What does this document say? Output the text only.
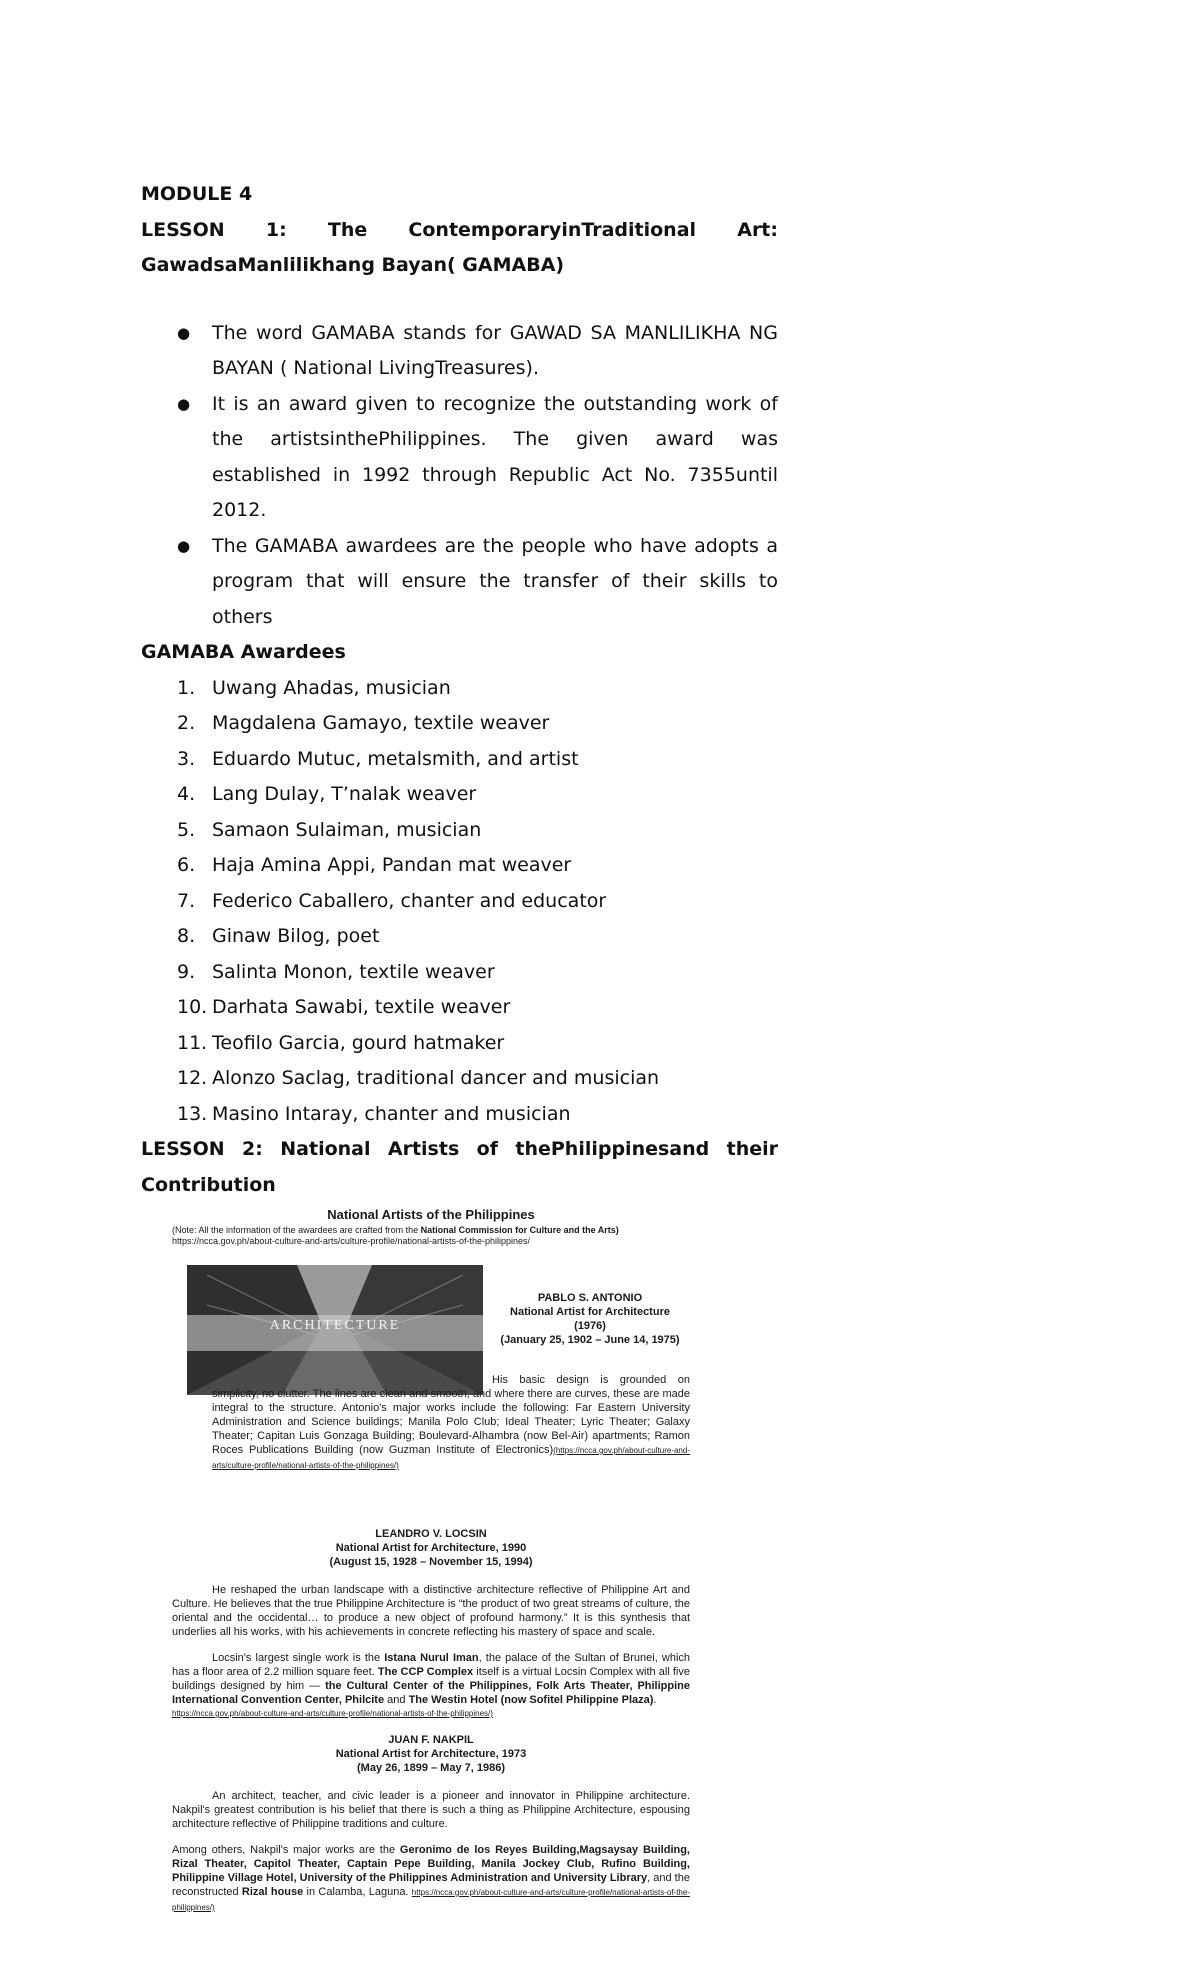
MODULE 4

LESSON 1: The ContemporaryinTraditional Art:

GawadsaManlilikhang Bayan( GAMABA)

● The word GAMABA stands for GAWAD SA MANLILIKHA NG BAYAN ( National LivingTreasures).
● It is an award given to recognize the outstanding work of the artistsinthePhilippines. The given award was established in 1992 through Republic Act No. 7355until 2012.
● The GAMABA awardees are the people who have adopts a program that will ensure the transfer of their skills to others

GAMABA Awardees

1. Uwang Ahadas, musician
2. Magdalena Gamayo, textile weaver
3. Eduardo Mutuc, metalsmith, and artist
4. Lang Dulay, T’nalak weaver
5. Samaon Sulaiman, musician
6. Haja Amina Appi, Pandan mat weaver
7. Federico Caballero, chanter and educator
8. Ginaw Bilog, poet
9. Salinta Monon, textile weaver
10. Darhata Sawabi, textile weaver
11. Teofilo Garcia, gourd hatmaker
12. Alonzo Saclag, traditional dancer and musician
13. Masino Intaray, chanter and musician

LESSON 2: National Artists of thePhilippinesand their

Contribution

National Artists of the Philippines
(Note: All the information of the awardees are crafted from the National Commission for Culture and the Arts) https://ncca.gov.ph/about-culture-and-arts/culture-profile/national-artists-of-the-philippines/
ARCHITECTURE
PABLO S. ANTONIO
National Artist for Architecture
(1976)
(January 25, 1902 – June 14, 1975)

His basic design is grounded on simplicity, no clutter. The lines are clean and smooth, and where there are curves, these are made integral to the structure. Antonio's major works include the following: Far Eastern University Administration and Science buildings; Manila Polo Club; Ideal Theater; Lyric Theater; Galaxy Theater; Capitan Luis Gonzaga Building; Boulevard-Alhambra (now Bel-Air) apartments; Ramon Roces Publications Building (now Guzman Institute of Electronics)(https://ncca.gov.ph/about-culture-and-arts/culture-profile/national-artists-of-the-philippines/)

LEANDRO V. LOCSIN
National Artist for Architecture, 1990
(August 15, 1928 – November 15, 1994)

He reshaped the urban landscape with a distinctive architecture reflective of Philippine Art and Culture. He believes that the true Philippine Architecture is “the product of two great streams of culture, the oriental and the occidental… to produce a new object of profound harmony.” It is this synthesis that underlies all his works, with his achievements in concrete reflecting his mastery of space and scale.

Locsin's largest single work is the Istana Nurul Iman, the palace of the Sultan of Brunei, which has a floor area of 2.2 million square feet. The CCP Complex itself is a virtual Locsin Complex with all five buildings designed by him — the Cultural Center of the Philippines, Folk Arts Theater, Philippine International Convention Center, Philcite and The Westin Hotel (now Sofitel Philippine Plaza).

https://ncca.gov.ph/about-culture-and-arts/culture-profile/national-artists-of-the-philippines/)
JUAN F. NAKPIL
National Artist for Architecture, 1973
(May 26, 1899 – May 7, 1986)

An architect, teacher, and civic leader is a pioneer and innovator in Philippine architecture. Nakpil's greatest contribution is his belief that there is such a thing as Philippine Architecture, espousing architecture reflective of Philippine traditions and culture.

Among others, Nakpil's major works are the Geronimo de los Reyes Building,Magsaysay Building, Rizal Theater, Capitol Theater, Captain Pepe Building, Manila Jockey Club, Rufino Building, Philippine Village Hotel, University of the Philippines Administration and University Library, and the reconstructed Rizal house in Calamba, Laguna. https://ncca.gov.ph/about-culture-and-arts/culture-profile/national-artists-of-the-philippines/)
